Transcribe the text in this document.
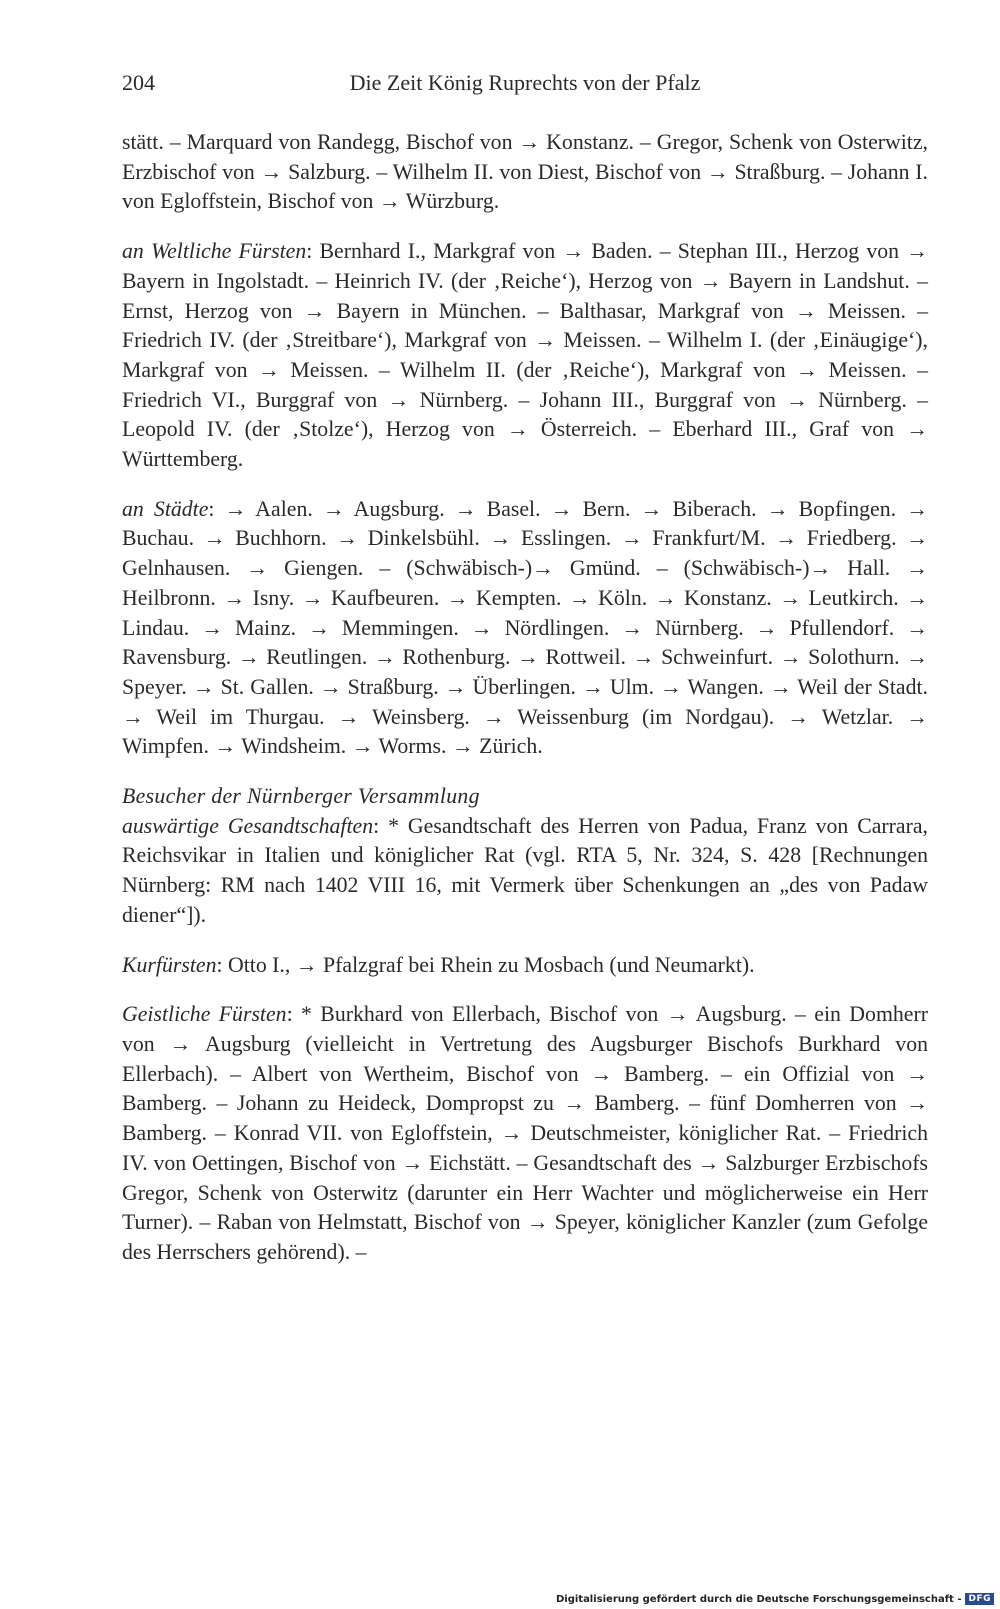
Die Zeit König Ruprechts von der Pfalz
204

stätt. – Marquard von Randegg, Bischof von → Konstanz. – Gregor, Schenk von Osterwitz, Erzbischof von → Salzburg. – Wilhelm II. von Diest, Bischof von → Straßburg. – Johann I. von Egloffstein, Bischof von → Würzburg.

an Weltliche Fürsten: Bernhard I., Markgraf von → Baden. – Stephan III., Herzog von → Bayern in Ingolstadt. – Heinrich IV. (der ‚Reiche‘), Herzog von → Bayern in Landshut. – Ernst, Herzog von → Bayern in München. – Balthasar, Markgraf von → Meissen. – Friedrich IV. (der ‚Streitbare‘), Markgraf von → Meissen. – Wilhelm I. (der ‚Einäugige‘), Markgraf von → Meissen. – Wilhelm II. (der ‚Reiche‘), Markgraf von → Meissen. – Friedrich VI., Burggraf von → Nürnberg. – Johann III., Burggraf von → Nürnberg. – Leopold IV. (der ‚Stolze‘), Herzog von → Österreich. – Eberhard III., Graf von → Württemberg.

an Städte: → Aalen. → Augsburg. → Basel. → Bern. → Biberach. → Bopfingen. → Buchau. → Buchhorn. → Dinkelsbühl. → Esslingen. → Frankfurt/M. → Friedberg. → Gelnhausen. → Giengen. – (Schwäbisch-)→ Gmünd. – (Schwäbisch-)→ Hall. → Heilbronn. → Isny. → Kaufbeuren. → Kempten. → Köln. → Konstanz. → Leutkirch. → Lindau. → Mainz. → Memmingen. → Nördlingen. → Nürnberg. → Pfullendorf. → Ravensburg. → Reutlingen. → Rothenburg. → Rottweil. → Schweinfurt. → Solothurn. → Speyer. → St. Gallen. → Straßburg. → Überlingen. → Ulm. → Wangen. → Weil der Stadt. → Weil im Thurgau. → Weinsberg. → Weissenburg (im Nordgau). → Wetzlar. → Wimpfen. → Windsheim. → Worms. → Zürich.

Besucher der Nürnberger Versammlung

auswärtige Gesandtschaften: * Gesandtschaft des Herren von Padua, Franz von Carrara, Reichsvikar in Italien und königlicher Rat (vgl. RTA 5, Nr. 324, S. 428 [Rechnungen Nürnberg: RM nach 1402 VIII 16, mit Vermerk über Schenkungen an „des von Padaw diener“]).

Kurfürsten: Otto I., → Pfalzgraf bei Rhein zu Mosbach (und Neumarkt).

Geistliche Fürsten: * Burkhard von Ellerbach, Bischof von → Augsburg. – ein Domherr von → Augsburg (vielleicht in Vertretung des Augsburger Bischofs Burkhard von Ellerbach). – Albert von Wertheim, Bischof von → Bamberg. – ein Offizial von → Bamberg. – Johann zu Heideck, Dompropst zu → Bamberg. – fünf Domherren von → Bamberg. – Konrad VII. von Egloffstein, → Deutschmeister, königlicher Rat. – Friedrich IV. von Oettingen, Bischof von → Eichstätt. – Gesandtschaft des → Salzburger Erzbischofs Gregor, Schenk von Osterwitz (darunter ein Herr Wachter und möglicherweise ein Herr Turner). – Raban von Helmstatt, Bischof von → Speyer, königlicher Kanzler (zum Gefolge des Herrschers gehörend). –

Digitalisierung gefördert durch die Deutsche Forschungsgemeinschaft - DFG
